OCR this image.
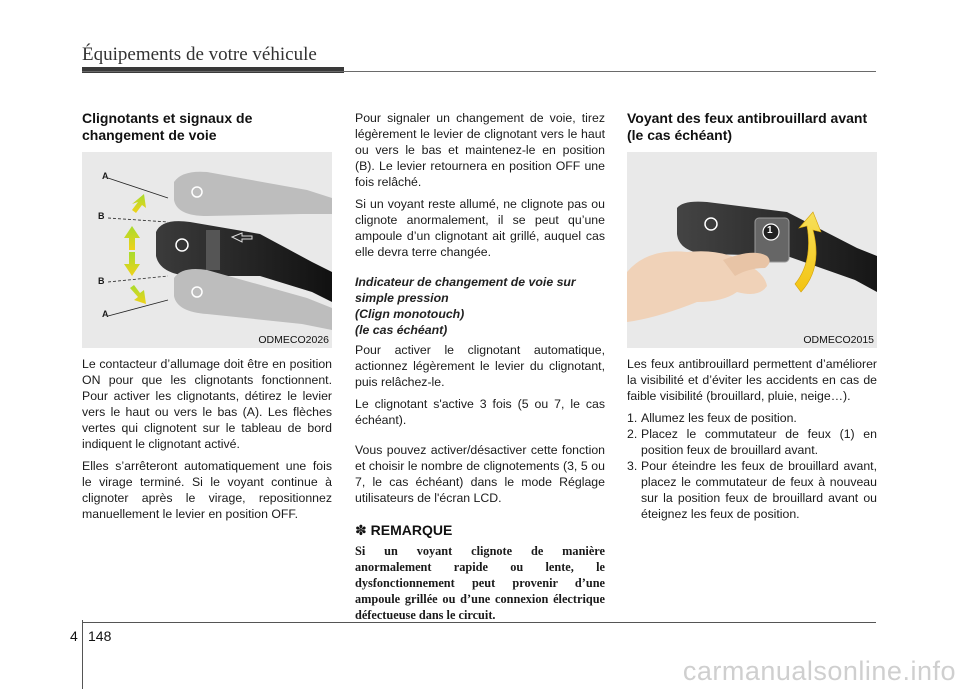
Équipements de votre véhicule
Clignotants et signaux de changement de voie
A
B
B
A
ODMECO2026

Le contacteur d’allumage doit être en position ON pour que les clignotants fonctionnent. Pour activer les clignotants, détirez le levier vers le haut ou vers le bas (A). Les flèches vertes qui clignotent sur le tableau de bord indiquent le clignotant activé.

Elles s’arrêteront automatiquement une fois le virage terminé. Si le voyant continue à clignoter après le virage, repositionnez manuellement le levier en position OFF.

Pour signaler un changement de voie, tirez légèrement le levier de clignotant vers le haut ou vers le bas et maintenez-le en position (B). Le levier retournera en position OFF une fois relâché.

Si un voyant reste allumé, ne clignote pas ou clignote anormalement, il se peut qu’une ampoule d’un clignotant ait grillé, auquel cas elle devra terre changée.

Indicateur de changement de voie sur simple pression
(Clign monotouch)
(le cas échéant)

Pour activer le clignotant automatique, actionnez légèrement le levier du clignotant, puis relâchez-le.

Le clignotant s'active 3 fois (5 ou 7, le cas échéant).

Vous pouvez activer/désactiver cette fonction et choisir le nombre de clignotements (3, 5 ou 7, le cas échéant) dans le mode Réglage utilisateurs de l'écran LCD.

✽ REMARQUE

Si un voyant clignote de manière anormalement rapide ou lente, le dysfonctionnement peut provenir d’une ampoule grillée ou d’une connexion électrique défectueuse dans le circuit.

Voyant des feux antibrouillard avant (le cas échéant)
1
ODMECO2015

Les feux antibrouillard permettent d’améliorer la visibilité et d’éviter les accidents en cas de faible visibilité (brouillard, pluie, neige…).

1. Allumez les feux de position.
2. Placez le commutateur de feux (1) en position feux de brouillard avant.
3. Pour éteindre les feux de brouillard avant, placez le commutateur de feux à nouveau sur la position feux de brouillard avant ou éteignez les feux de position.
4 148
carmanualsonline.info
